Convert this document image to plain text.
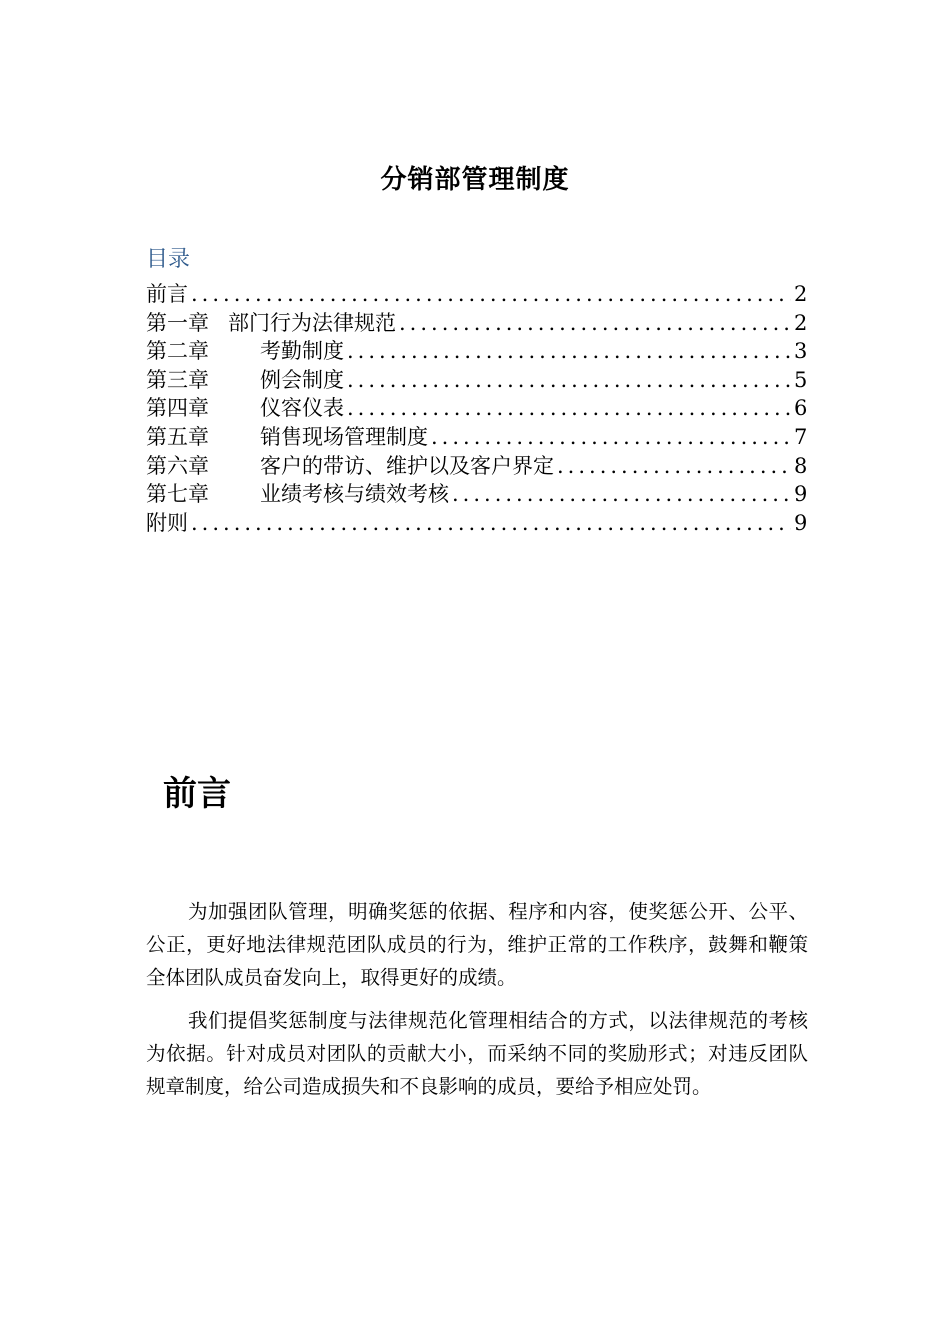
分销部管理制度
目录
前言 .....	2
第一章 部门行为法律规范 .....	2
第二章	考勤制度 .....	3
第三章	例会制度 .....	5
第四章	仪容仪表 .....	6
第五章	销售现场管理制度 .....	7
第六章	客户的带访、维护以及客户界定 .....	8
第七章	业绩考核与绩效考核 .....	9
附则 .....	9
前言

为加强团队管理，明确奖惩的依据、程序和内容，使奖惩公开、公平、公正，更好地法律规范团队成员的行为，维护正常的工作秩序，鼓舞和鞭策全体团队成员奋发向上，取得更好的成绩。

我们提倡奖惩制度与法律规范化管理相结合的方式，以法律规范的考核为依据。针对成员对团队的贡献大小，而采纳不同的奖励形式；对违反团队规章制度，给公司造成损失和不良影响的成员，要给予相应处罚。
